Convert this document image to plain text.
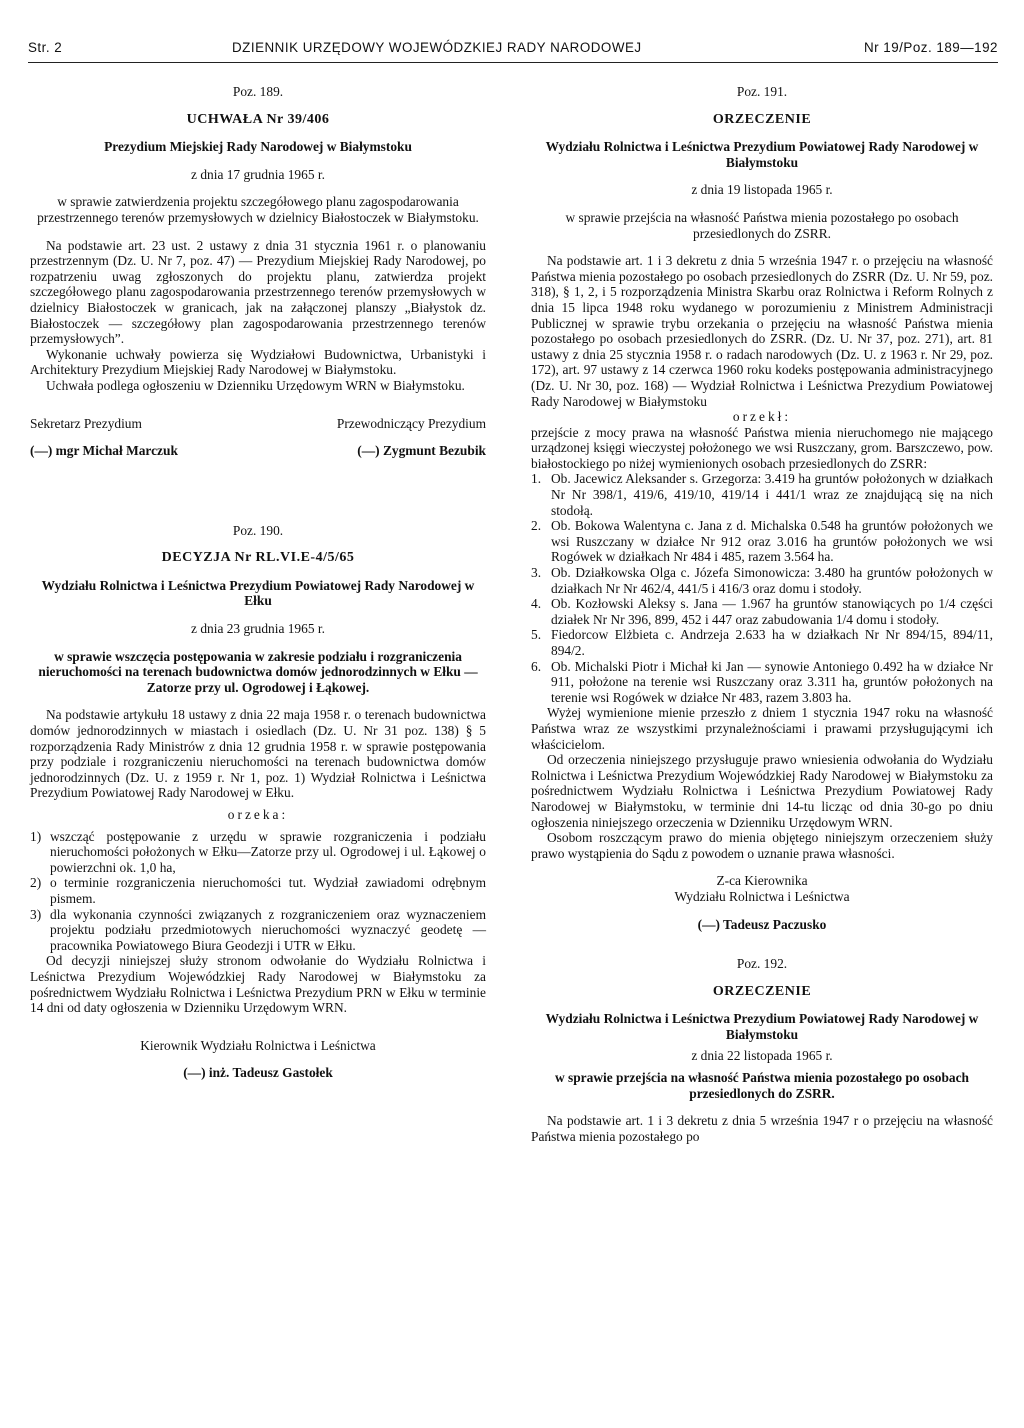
Str. 2	DZIENNIK URZĘDOWY WOJEWÓDZKIEJ RADY NARODOWEJ	Nr 19/Poz. 189—192
Poz. 189.
UCHWAŁA Nr 39/406
Prezydium Miejskiej Rady Narodowej w Białymstoku
z dnia 17 grudnia 1965 r.
w sprawie zatwierdzenia projektu szczegółowego planu zagospodarowania przestrzennego terenów przemysłowych w dzielnicy Białostoczek w Białymstoku.

Na podstawie art. 23 ust. 2 ustawy z dnia 31 stycznia 1961 r. o planowaniu przestrzennym (Dz. U. Nr 7, poz. 47) — Prezydium Miejskiej Rady Narodowej, po rozpatrzeniu uwag zgłoszonych do projektu planu, zatwierdza projekt szczegółowego planu zagospodarowania przestrzennego terenów przemysłowych w dzielnicy Białostoczek w granicach, jak na załączonej planszy „Białystok dz. Białostoczek — szczegółowy plan zagospodarowania przestrzennego terenów przemysłowych”.

Wykonanie uchwały powierza się Wydziałowi Budownictwa, Urbanistyki i Architektury Prezydium Miejskiej Rady Narodowej w Białymstoku.

Uchwała podlega ogłoszeniu w Dzienniku Urzędowym WRN w Białymstoku.

Sekretarz Prezydium	Przewodniczący Prezydium
(—) mgr Michał Marczuk	(—) Zygmunt Bezubik
Poz. 190.
DECYZJA Nr RL.VI.E-4/5/65
Wydziału Rolnictwa i Leśnictwa Prezydium Powiatowej Rady Narodowej w Ełku
z dnia 23 grudnia 1965 r.
w sprawie wszczęcia postępowania w zakresie podziału i rozgraniczenia nieruchomości na terenach budownictwa domów jednorodzinnych w Ełku — Zatorze przy ul. Ogrodowej i Łąkowej.

Na podstawie artykułu 18 ustawy z dnia 22 maja 1958 r. o terenach budownictwa domów jednorodzinnych w miastach i osiedlach (Dz. U. Nr 31 poz. 138) § 5 rozporządzenia Rady Ministrów z dnia 12 grudnia 1958 r. w sprawie postępowania przy podziale i rozgraniczeniu nieruchomości na terenach budownictwa domów jednorodzinnych (Dz. U. z 1959 r. Nr 1, poz. 1) Wydział Rolnictwa i Leśnictwa Prezydium Powiatowej Rady Narodowej w Ełku.

orzeka:
1) wszcząć postępowanie z urzędu w sprawie rozgraniczenia i podziału nieruchomości położonych w Ełku—Zatorze przy ul. Ogrodowej i ul. Łąkowej o powierzchni ok. 1,0 ha,
2) o terminie rozgraniczenia nieruchomości tut. Wydział zawiadomi odrębnym pismem.
3) dla wykonania czynności związanych z rozgraniczeniem oraz wyznaczeniem projektu podziału przedmiotowych nieruchomości wyznaczyć geodetę — pracownika Powiatowego Biura Geodezji i UTR w Ełku.

Od decyzji niniejszej służy stronom odwołanie do Wydziału Rolnictwa i Leśnictwa Prezydium Wojewódzkiej Rady Narodowej w Białymstoku za pośrednictwem Wydziału Rolnictwa i Leśnictwa Prezydium PRN w Ełku w terminie 14 dni od daty ogłoszenia w Dzienniku Urzędowym WRN.

Kierownik Wydziału Rolnictwa i Leśnictwa
(—) inż. Tadeusz Gastołek
Poz. 191.
ORZECZENIE
Wydziału Rolnictwa i Leśnictwa Prezydium Powiatowej Rady Narodowej w Białymstoku
z dnia 19 listopada 1965 r.
w sprawie przejścia na własność Państwa mienia pozostałego po osobach przesiedlonych do ZSRR.

Na podstawie art. 1 i 3 dekretu z dnia 5 września 1947 r. o przejęciu na własność Państwa mienia pozostałego po osobach przesiedlonych do ZSRR (Dz. U. Nr 59, poz. 318), § 1, 2, i 5 rozporządzenia Ministra Skarbu oraz Rolnictwa i Reform Rolnych z dnia 15 lipca 1948 roku wydanego w porozumieniu z Ministrem Administracji Publicznej w sprawie trybu orzekania o przejęciu na własność Państwa mienia pozostałego po osobach przesiedlonych do ZSRR. (Dz. U. Nr 37, poz. 271), art. 81 ustawy z dnia 25 stycznia 1958 r. o radach narodowych (Dz. U. z 1963 r. Nr 29, poz. 172), art. 97 ustawy z 14 czerwca 1960 roku kodeks postępowania administracyjnego (Dz. U. Nr 30, poz. 168) — Wydział Rolnictwa i Leśnictwa Prezydium Powiatowej Rady Narodowej w Białymstoku

orzekł:

przejście z mocy prawa na własność Państwa mienia nieruchomego nie mającego urządzonej księgi wieczystej położonego we wsi Ruszczany, grom. Barszczewo, pow. białostockiego po niżej wymienionych osobach przesiedlonych do ZSRR:

1. Ob. Jacewicz Aleksander s. Grzegorza: 3.419 ha gruntów położonych w działkach Nr Nr 398/1, 419/6, 419/10, 419/14 i 441/1 wraz ze znajdującą się na nich stodołą.
2. Ob. Bokowa Walentyna c. Jana z d. Michalska 0.548 ha gruntów położonych we wsi Ruszczany w działce Nr 912 oraz 3.016 ha gruntów położonych we wsi Rogówek w działkach Nr 484 i 485, razem 3.564 ha.
3. Ob. Działkowska Olga c. Józefa Simonowicza: 3.480 ha gruntów położonych w działkach Nr Nr 462/4, 441/5 i 416/3 oraz domu i stodoły.
4. Ob. Kozłowski Aleksy s. Jana — 1.967 ha gruntów stanowiących po 1/4 części działek Nr Nr 396, 899, 452 i 447 oraz zabudowania 1/4 domu i stodoły.
5. Fiedorcow Elżbieta c. Andrzeja 2.633 ha w działkach Nr Nr 894/15, 894/11, 894/2.
6. Ob. Michalski Piotr i Michał ki Jan — synowie Antoniego 0.492 ha w działce Nr 911, położone na terenie wsi Ruszczany oraz 3.311 ha, gruntów położonych na terenie wsi Rogówek w działce Nr 483, razem 3.803 ha.

Wyżej wymienione mienie przeszło z dniem 1 stycznia 1947 roku na własność Państwa wraz ze wszystkimi przynależnościami i prawami przysługującymi ich właścicielom.

Od orzeczenia niniejszego przysługuje prawo wniesienia odwołania do Wydziału Rolnictwa i Leśnictwa Prezydium Wojewódzkiej Rady Narodowej w Białymstoku za pośrednictwem Wydziału Rolnictwa i Leśnictwa Prezydium Powiatowej Rady Narodowej w Białymstoku, w terminie dni 14-tu licząc od dnia 30-go po dniu ogłoszenia niniejszego orzeczenia w Dzienniku Urzędowym WRN.

Osobom roszczącym prawo do mienia objętego niniejszym orzeczeniem służy prawo wystąpienia do Sądu z powodem o uznanie prawa własności.

Z-ca Kierownika
Wydziału Rolnictwa i Leśnictwa
(—) Tadeusz Paczusko
Poz. 192.
ORZECZENIE
Wydziału Rolnictwa i Leśnictwa Prezydium Powiatowej Rady Narodowej w Białymstoku
z dnia 22 listopada 1965 r.
w sprawie przejścia na własność Państwa mienia pozostałego po osobach przesiedlonych do ZSRR.

Na podstawie art. 1 i 3 dekretu z dnia 5 września 1947 r o przejęciu na własność Państwa mienia pozostałego po
